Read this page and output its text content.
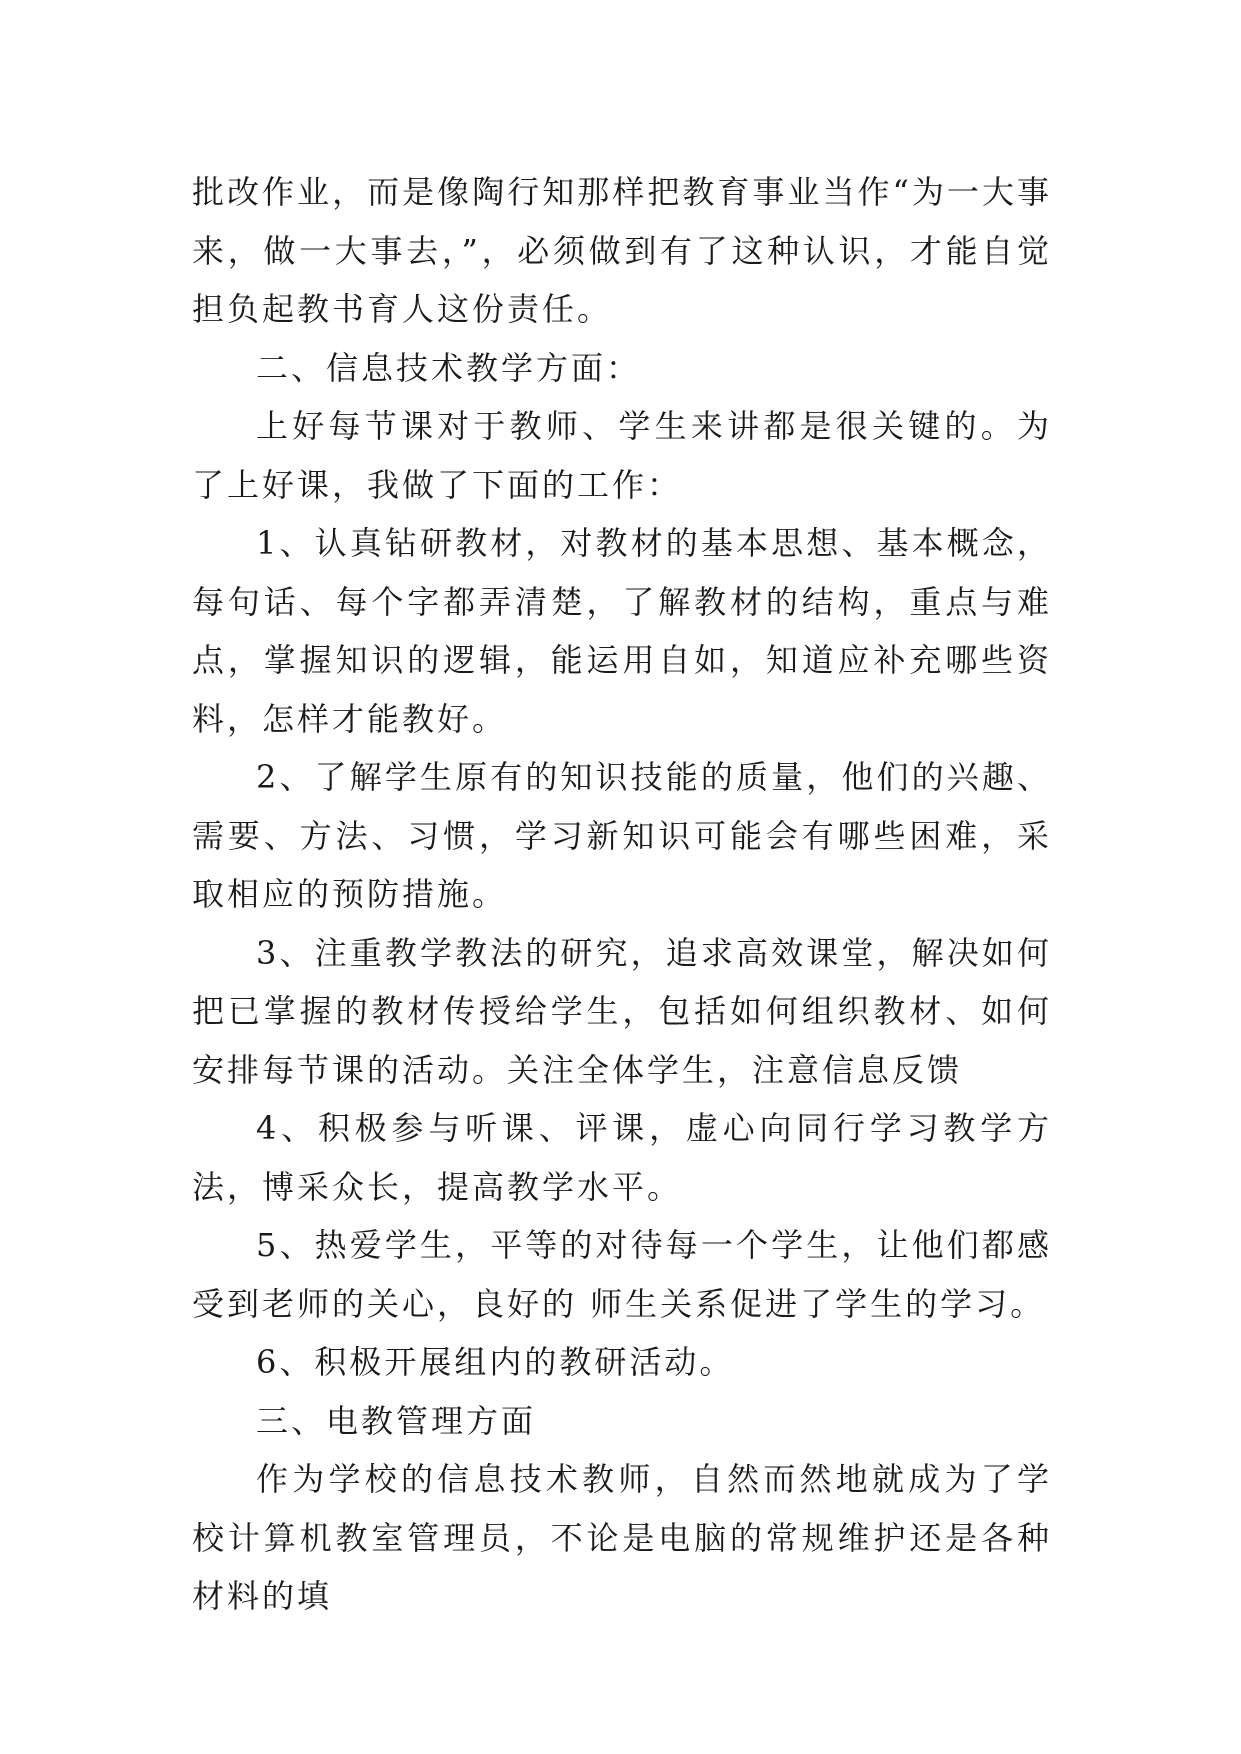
批改作业，而是像陶行知那样把教育事业当作“为一大事来，做一大事去，”，必须做到有了这种认识，才能自觉担负起教书育人这份责任。

二、信息技术教学方面：

上好每节课对于教师、学生来讲都是很关键的。为了上好课，我做了下面的工作：

1、认真钻研教材，对教材的基本思想、基本概念，每句话、每个字都弄清楚，了解教材的结构，重点与难点，掌握知识的逻辑，能运用自如，知道应补充哪些资料，怎样才能教好。

2、了解学生原有的知识技能的质量，他们的兴趣、需要、方法、习惯，学习新知识可能会有哪些困难，采取相应的预防措施。

3、注重教学教法的研究，追求高效课堂，解决如何把已掌握的教材传授给学生，包括如何组织教材、如何安排每节课的活动。关注全体学生，注意信息反馈

4、积极参与听课、评课，虚心向同行学习教学方法，博采众长，提高教学水平。

5、热爱学生，平等的对待每一个学生，让他们都感受到老师的关心，良好的 师生关系促进了学生的学习。

6、积极开展组内的教研活动。

三、电教管理方面

作为学校的信息技术教师，自然而然地就成为了学校计算机教室管理员，不论是电脑的常规维护还是各种材料的填
